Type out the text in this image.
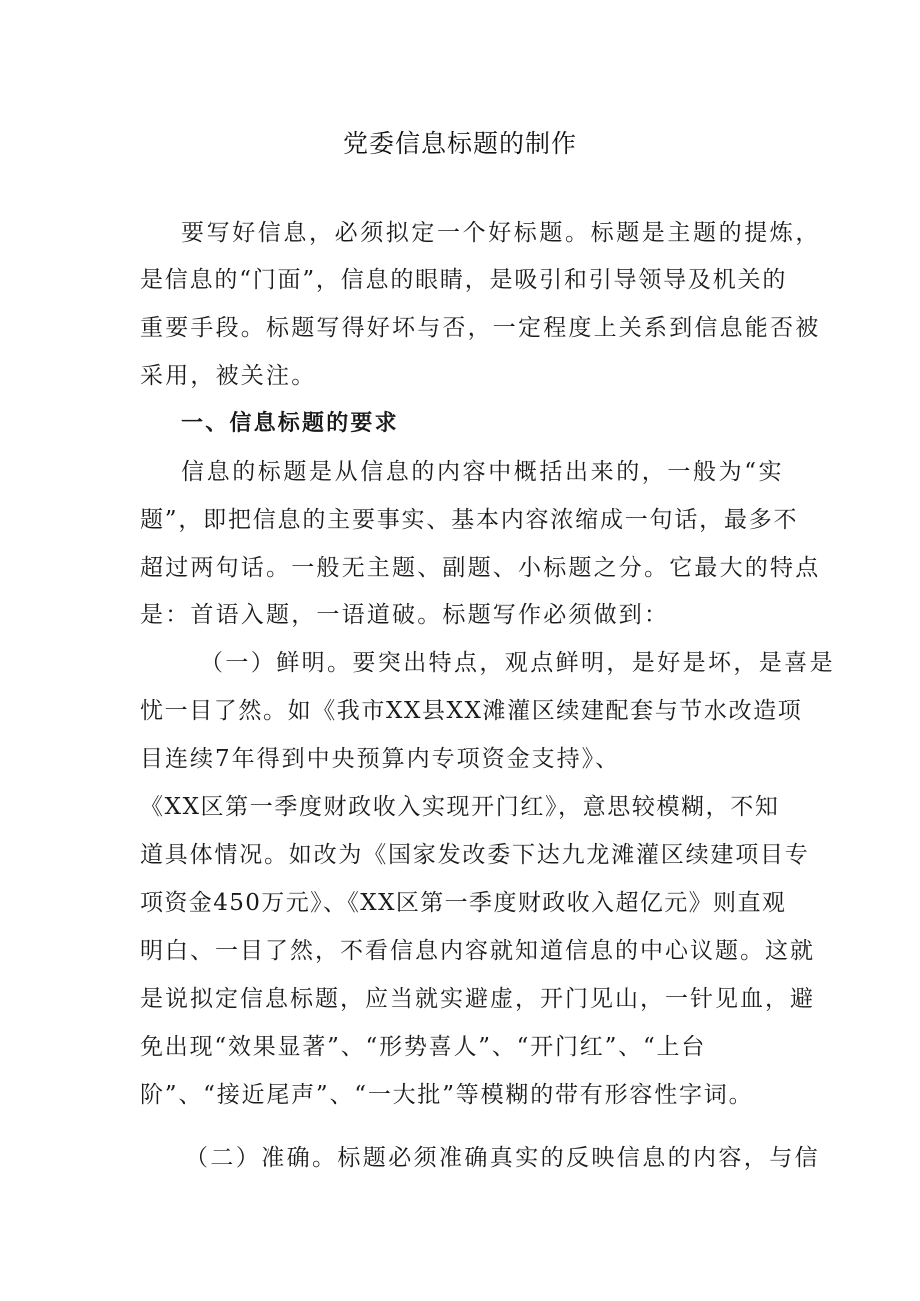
党委信息标题的制作
要写好信息，必须拟定一个好标题。标题是主题的提炼，
是信息的“门面”，信息的眼睛，是吸引和引导领导及机关的
重要手段。标题写得好坏与否，一定程度上关系到信息能否被
采用，被关注。
一、信息标题的要求
信息的标题是从信息的内容中概括出来的，一般为“实
题”，即把信息的主要事实、基本内容浓缩成一句话，最多不
超过两句话。一般无主题、副题、小标题之分。它最大的特点
是：首语入题，一语道破。标题写作必须做到：
（一）鲜明。要突出特点，观点鲜明，是好是坏，是喜是
忧一目了然。如《我市XX县XX滩灌区续建配套与节水改造项
目连续7年得到中央预算内专项资金支持》、
《XX区第一季度财政收入实现开门红》，意思较模糊，不知
道具体情况。如改为《国家发改委下达九龙滩灌区续建项目专
项资金450万元》、《XX区第一季度财政收入超亿元》则直观
明白、一目了然，不看信息内容就知道信息的中心议题。这就
是说拟定信息标题，应当就实避虚，开门见山，一针见血，避
免出现“效果显著”、“形势喜人”、“开门红”、“上台
阶”、“接近尾声”、“一大批”等模糊的带有形容性字词。
（二）准确。标题必须准确真实的反映信息的内容，与信
